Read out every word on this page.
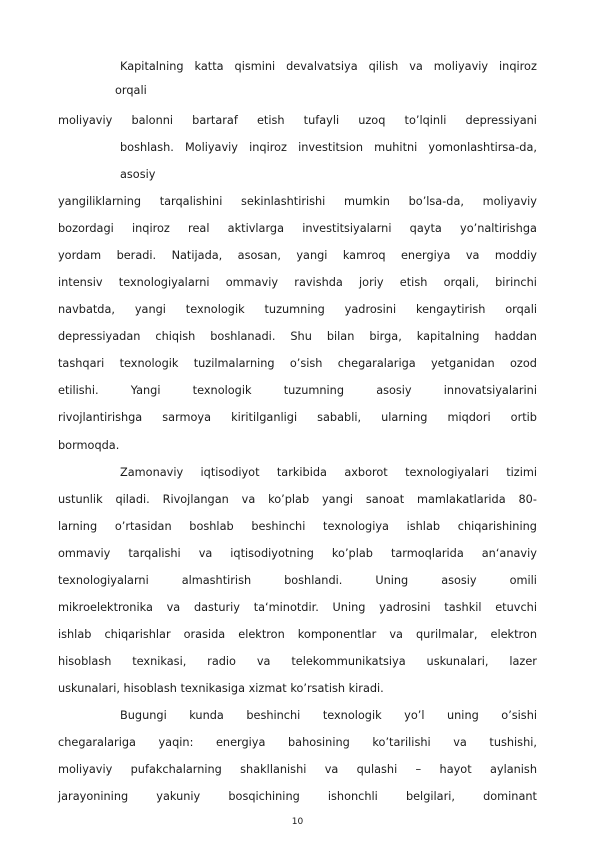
Kapitalning katta qismini devalvatsiya qilish va moliyaviy inqiroz
orqali
moliyaviy balonni bartaraf etish tufayli uzoq to’lqinli depressiyani
boshlash. Moliyaviy inqiroz investitsion muhitni yomonlashtirsa-da,
asosiy
yangiliklarning tarqalishini sekinlashtirishi mumkin bo’lsa-da, moliyaviy
bozordagi inqiroz real aktivlarga investitsiyalarni qayta yo’naltirishga
yordam beradi. Natijada, asosan, yangi kamroq energiya va moddiy
intensiv texnologiyalarni ommaviy ravishda joriy etish orqali, birinchi
navbatda, yangi texnologik tuzumning yadrosini kengaytirish orqali
depressiyadan chiqish boshlanadi. Shu bilan birga, kapitalning haddan
tashqari texnologik tuzilmalarning o’sish chegaralariga yetganidan ozod
etilishi.	Yangi	texnologik	tuzumning	asosiy	innovatsiyalarini
rivojlantirishga sarmoya kiritilganligi sababli, ularning miqdori ortib
bormoqda.
Zamonaviy iqtisodiyot tarkibida axborot texnologiyalari tizimi
ustunlik qiladi. Rivojlangan va ko’plab yangi sanoat mamlakatlarida 80-
larning o’rtasidan boshlab beshinchi texnologiya ishlab chiqarishining
ommaviy tarqalishi va iqtisodiyotning ko’plab tarmoqlarida an‘anaviy
texnologiyalarni	almashtirish	boshlandi.	Uning	asosiy	omili
mikroelektronika va dasturiy ta‘minotdir. Uning yadrosini tashkil etuvchi
ishlab chiqarishlar orasida elektron komponentlar va qurilmalar, elektron
hisoblash texnikasi, radio va telekommunikatsiya uskunalari, lazer
uskunalari, hisoblash texnikasiga xizmat ko’rsatish kiradi.
Bugungi kunda beshinchi texnologik yo’l uning o’sishi
chegaralariga yaqin: energiya bahosining ko’tarilishi va tushishi,
moliyaviy pufakchalarning shakllanishi va qulashi – hayot aylanish
jarayonining yakuniy bosqichining ishonchli belgilari, dominant
10
